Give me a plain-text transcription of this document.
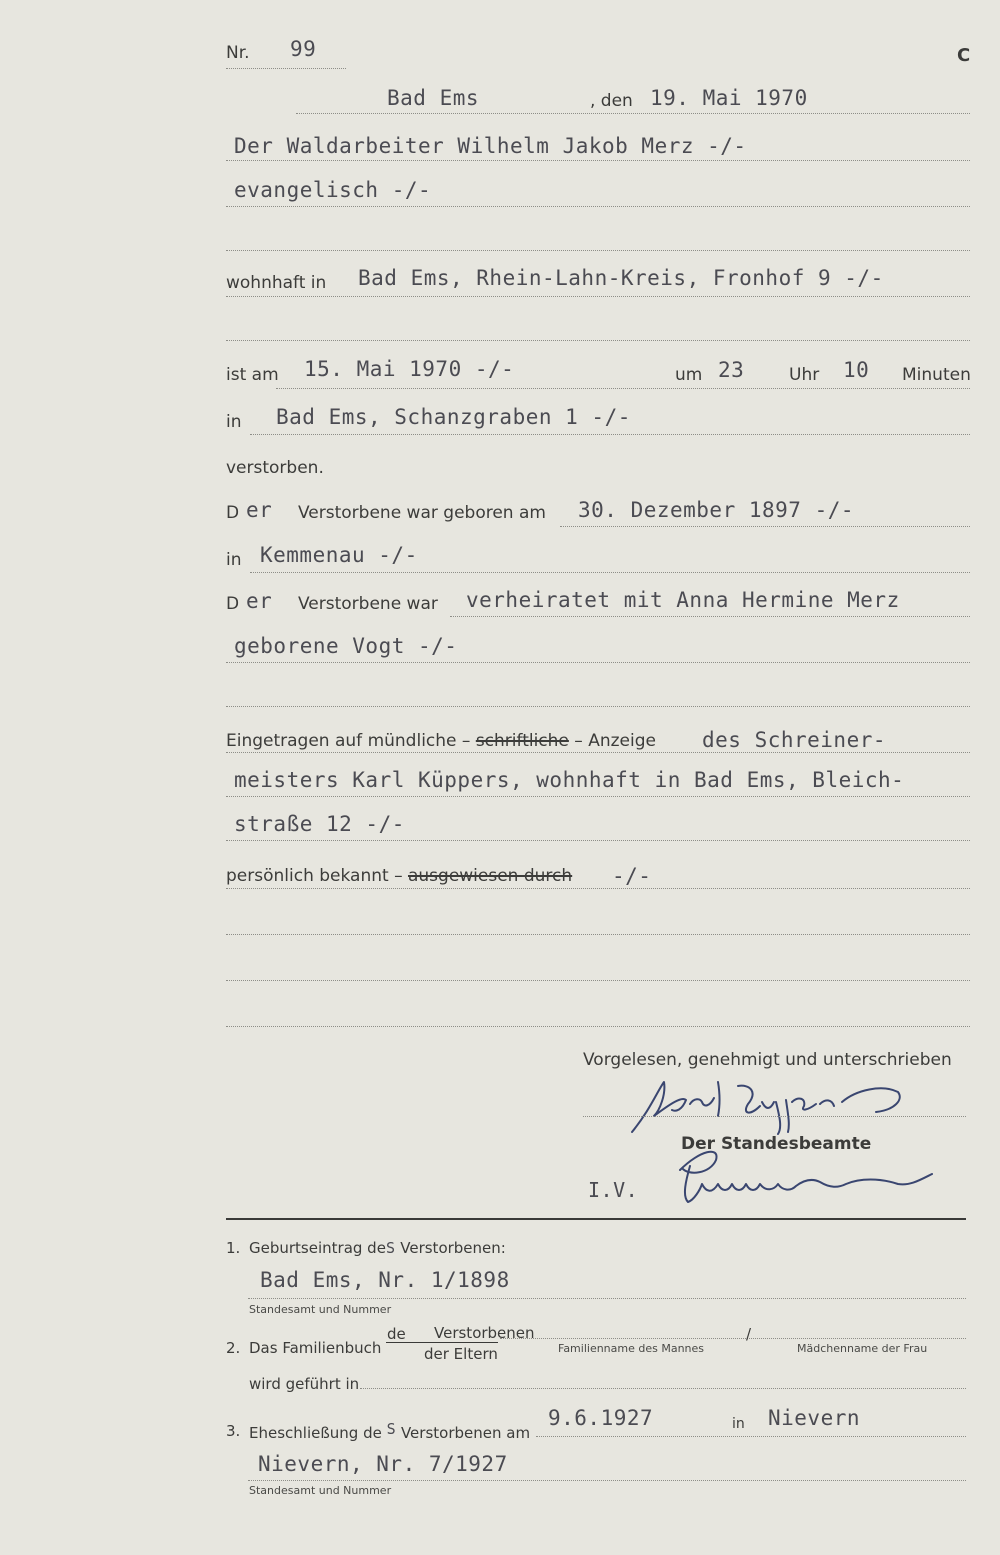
Nr. 99	C
Bad Ems	, den 19. Mai 1970
Der Waldarbeiter Wilhelm Jakob Merz -/-
evangelisch -/-
wohnhaft in Bad Ems, Rhein-Lahn-Kreis, Fronhof 9 -/-
ist am 15. Mai 1970 -/-	um 23	Uhr 10 Minuten
in Bad Ems, Schanzgraben 1 -/-
verstorben.
D er Verstorbene war geboren am 30. Dezember 1897 -/-
in Kemmenau -/-
D er Verstorbene war verheiratet mit Anna Hermine Merz
geborene Vogt -/-
Eingetragen auf mündliche – schriftliche – Anzeige des Schreiner-
meisters Karl Küppers, wohnhaft in Bad Ems, Bleich-
straße 12 -/-
persönlich bekannt – ausgewiesen durch -/-
Vorgelesen, genehmigt und unterschrieben
Der Standesbeamte
I.V.
1. Geburtseintrag deS Verstorbenen:
Bad Ems, Nr. 1/1898
Standesamt und Nummer
2. Das Familienbuch
de Verstorbenen
der Eltern	Familienname des Mannes
/
Mädchenname der Frau
wird geführt in
3. Eheschließung de S Verstorbenen am
9.6.1927	in Nievern
Nievern, Nr. 7/1927
Standesamt und Nummer
